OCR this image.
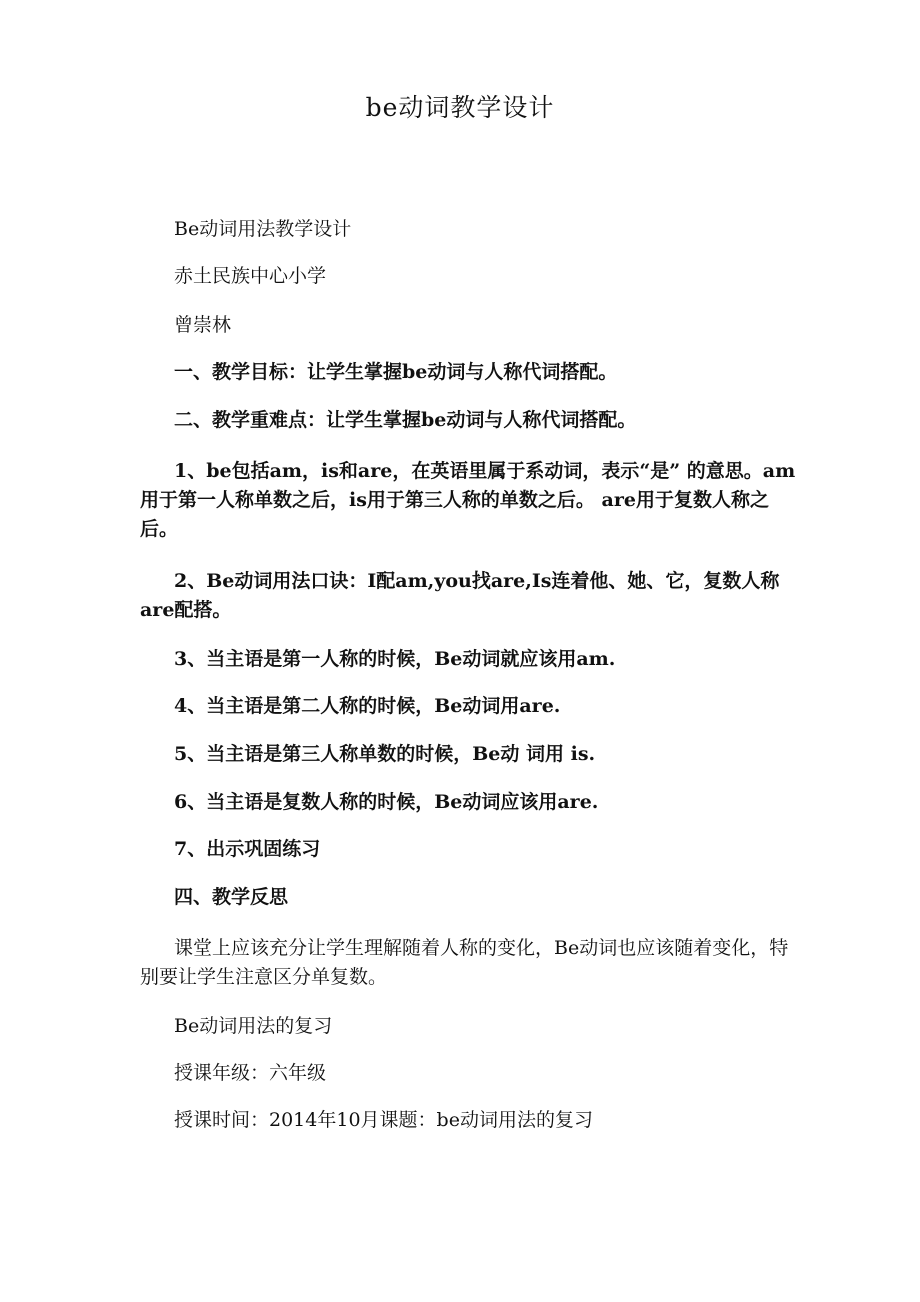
be动词教学设计
Be动词用法教学设计
赤土民族中心小学
曾崇林
一、教学目标：让学生掌握be动词与人称代词搭配。
二、教学重难点：让学生掌握be动词与人称代词搭配。
1、be包括am，is和are，在英语里属于系动词，表示“是” 的意思。am用于第一人称单数之后，is用于第三人称的单数之后。 are用于复数人称之后。
2、Be动词用法口诀：I配am,you找are,Is连着他、她、它，复数人称are配搭。
3、当主语是第一人称的时候，Be动词就应该用am.
4、当主语是第二人称的时候，Be动词用are.
5、当主语是第三人称单数的时候，Be动 词用 is.
6、当主语是复数人称的时候，Be动词应该用are.
7、出示巩固练习
四、教学反思
课堂上应该充分让学生理解随着人称的变化，Be动词也应该随着变化，特别要让学生注意区分单复数。
Be动词用法的复习
授课年级：六年级
授课时间：2014年10月课题：be动词用法的复习
